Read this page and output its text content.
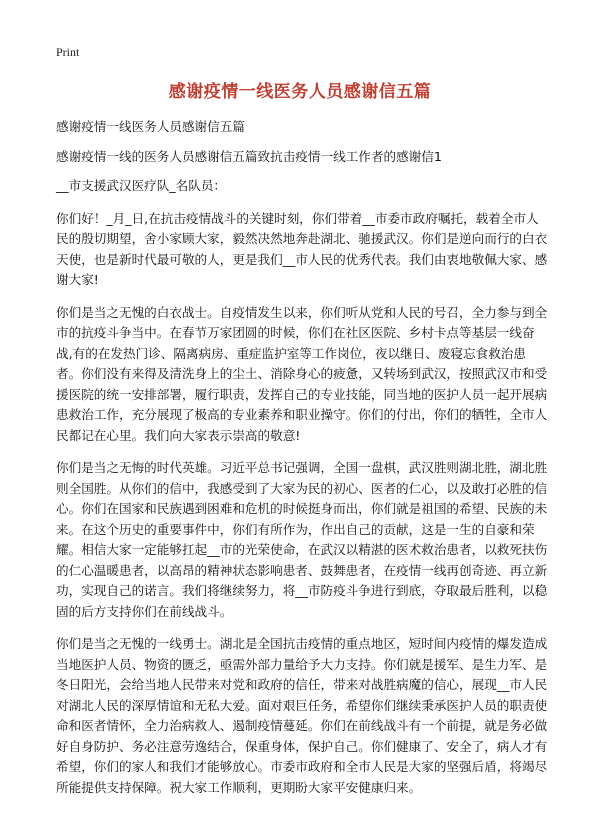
Print
感谢疫情一线医务人员感谢信五篇

感谢疫情一线医务人员感谢信五篇

感谢疫情一线的医务人员感谢信五篇致抗击疫情一线工作者的感谢信1

__市支援武汉医疗队_名队员：

你们好！_月_日,在抗击疫情战斗的关键时刻，你们带着__市委市政府嘱托，载着全市人民的殷切期望，舍小家顾大家，毅然决然地奔赴湖北、驰援武汉。你们是逆向而行的白衣天使，也是新时代最可敬的人，更是我们__市人民的优秀代表。我们由衷地敬佩大家、感谢大家!

你们是当之无愧的白衣战士。自疫情发生以来，你们听从党和人民的号召，全力参与到全市的抗疫斗争当中。在春节万家团圆的时候，你们在社区医院、乡村卡点等基层一线奋战,有的在发热门诊、隔离病房、重症监护室等工作岗位，夜以继日、废寝忘食救治患者。你们没有来得及清洗身上的尘土、消除身心的疲惫，又转场到武汉，按照武汉市和受援医院的统一安排部署，履行职责，发挥自己的专业技能，同当地的医护人员一起开展病患救治工作，充分展现了极高的专业素养和职业操守。你们的付出，你们的牺牲，全市人民都记在心里。我们向大家表示崇高的敬意!

你们是当之无悔的时代英雄。习近平总书记强调，全国一盘棋，武汉胜则湖北胜，湖北胜则全国胜。从你们的信中，我感受到了大家为民的初心、医者的仁心，以及敢打必胜的信心。你们在国家和民族遇到困难和危机的时候挺身而出，你们就是祖国的希望、民族的未来。在这个历史的重要事件中，你们有所作为，作出自己的贡献，这是一生的自豪和荣耀。相信大家一定能够扛起__市的光荣使命，在武汉以精湛的医术救治患者，以救死扶伤的仁心温暖患者，以高昂的精神状态影响患者、鼓舞患者，在疫情一线再创奇迹、再立新功，实现自己的诺言。我们将继续努力，将__市防疫斗争进行到底，夺取最后胜利，以稳固的后方支持你们在前线战斗。

你们是当之无愧的一线勇士。湖北是全国抗击疫情的重点地区，短时间内疫情的爆发造成当地医护人员、物资的匮乏，亟需外部力量给予大力支持。你们就是援军、是生力军、是冬日阳光，会给当地人民带来对党和政府的信任，带来对战胜病魔的信心，展现__市人民对湖北人民的深厚情谊和无私大爱。面对艰巨任务，希望你们继续秉承医护人员的职责使命和医者情怀，全力治病救人、遏制疫情蔓延。你们在前线战斗有一个前提，就是务必做好自身防护、务必注意劳逸结合，保重身体，保护自己。你们健康了、安全了，病人才有希望，你们的家人和我们才能够放心。市委市政府和全市人民是大家的坚强后盾，将竭尽所能提供支持保障。祝大家工作顺利，更期盼大家平安健康归来。
